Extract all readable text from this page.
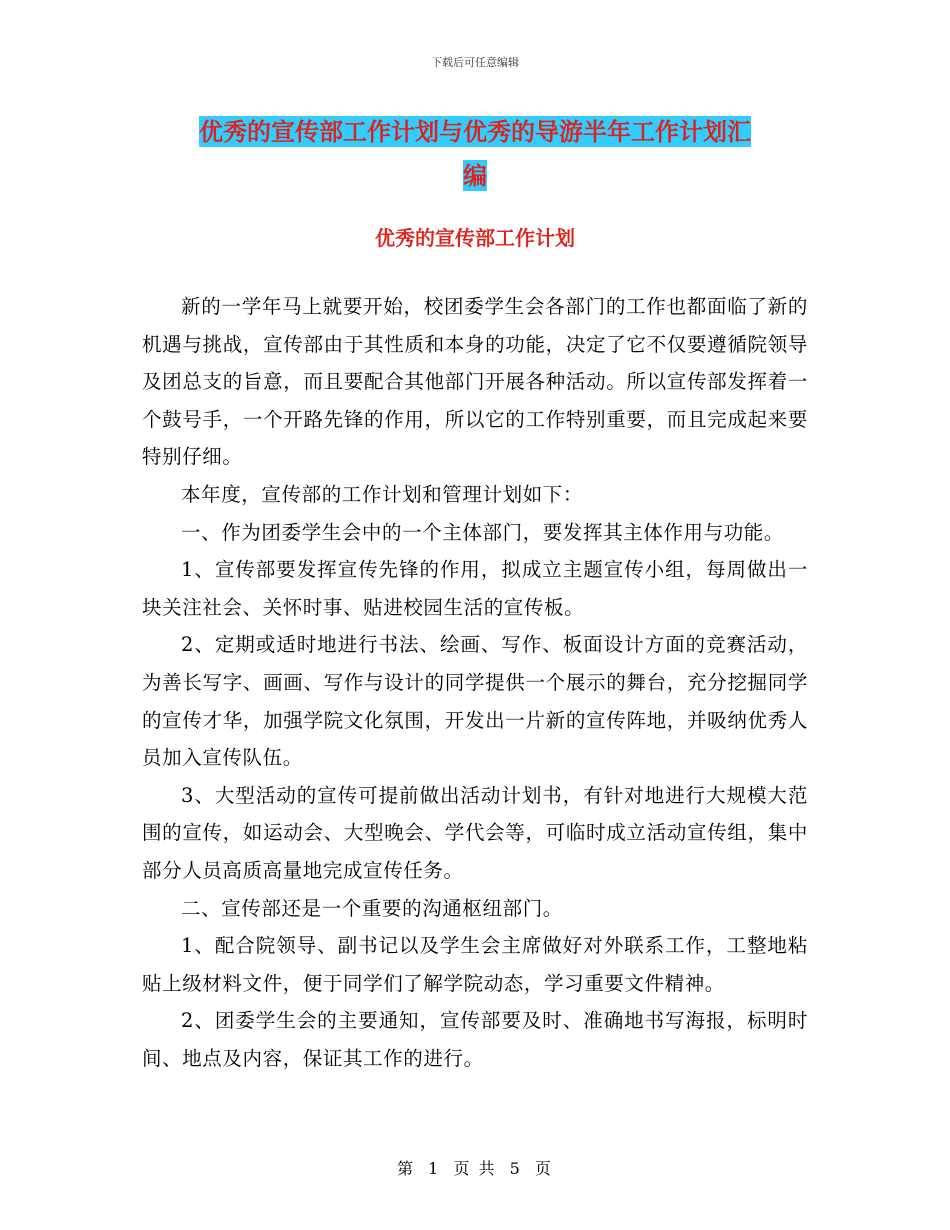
下载后可任意编辑
优秀的宣传部工作计划与优秀的导游半年工作计划汇
编
优秀的宣传部工作计划

新的一学年马上就要开始，校团委学生会各部门的工作也都面临了新的机遇与挑战，宣传部由于其性质和本身的功能，决定了它不仅要遵循院领导及团总支的旨意，而且要配合其他部门开展各种活动。所以宣传部发挥着一个鼓号手，一个开路先锋的作用，所以它的工作特别重要，而且完成起来要特别仔细。

本年度，宣传部的工作计划和管理计划如下：

一、作为团委学生会中的一个主体部门，要发挥其主体作用与功能。

1、宣传部要发挥宣传先锋的作用，拟成立主题宣传小组，每周做出一块关注社会、关怀时事、贴进校园生活的宣传板。

2、定期或适时地进行书法、绘画、写作、板面设计方面的竞赛活动，为善长写字、画画、写作与设计的同学提供一个展示的舞台，充分挖掘同学的宣传才华，加强学院文化氛围，开发出一片新的宣传阵地，并吸纳优秀人员加入宣传队伍。

3、大型活动的宣传可提前做出活动计划书，有针对地进行大规模大范围的宣传，如运动会、大型晚会、学代会等，可临时成立活动宣传组，集中部分人员高质高量地完成宣传任务。

二、宣传部还是一个重要的沟通枢纽部门。

1、配合院领导、副书记以及学生会主席做好对外联系工作，工整地粘贴上级材料文件，便于同学们了解学院动态，学习重要文件精神。

2、团委学生会的主要通知，宣传部要及时、准确地书写海报，标明时间、地点及内容，保证其工作的进行。

第 1 页 共 5 页
